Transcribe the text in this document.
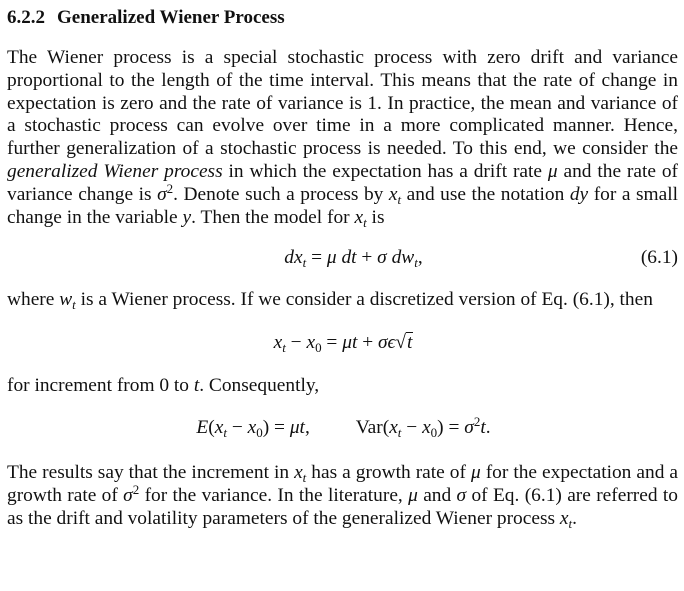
6.2.2 Generalized Wiener Process

The Wiener process is a special stochastic process with zero drift and variance proportional to the length of the time interval. This means that the rate of change in expectation is zero and the rate of variance is 1. In practice, the mean and variance of a stochastic process can evolve over time in a more complicated manner. Hence, further generalization of a stochastic process is needed. To this end, we consider the generalized Wiener process in which the expectation has a drift rate μ and the rate of variance change is $\sigma^2$. Denote such a process by $x_t$ and use the notation dy for a small change in the variable y. Then the model for $x_t$ is

$dx_t = \mu$ dt + σ $dw_t$,	(6.1)

where $w_t$ is a Wiener process. If we consider a discretized version of Eq. (6.1), then

$x_t - x_0 = \mu t + \sigma\epsilon√t$

for increment from 0 to t. Consequently,

$E(x_t - x_0) = \mu t$, $Var(x_t - x_0) = \sigma^2t$.

The results say that the increment in $x_t$ has a growth rate of μ for the expectation and a growth rate of $\sigma^2$ for the variance. In the literature, μ and σ of Eq. (6.1) are referred to as the drift and volatility parameters of the generalized Wiener process $x_t$.
